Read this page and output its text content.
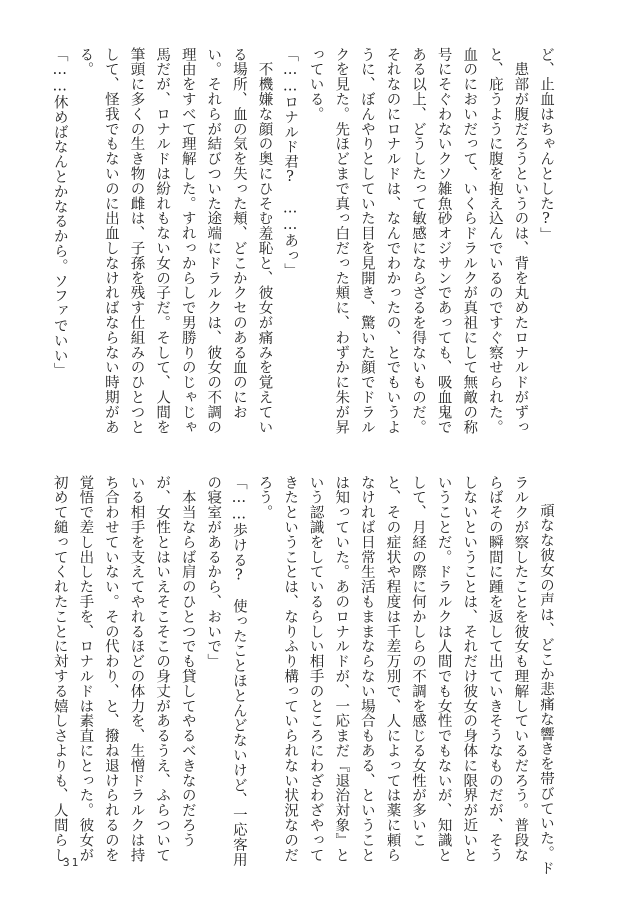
ど、止血はちゃんとした?」
　患部が腹だろうというのは、背を丸めたロナルドがずっ
と、庇うように腹を抱え込んでいるのですぐ察せられた。
血のにおいだって、いくらドラルクが真祖にして無敵の称
号にそぐわないクソ雑魚砂オジサンであっても、吸血鬼で
ある以上、どうしたって敏感にならざるを得ないものだ。
それなのにロナルドは、なんでわかったの、とでもいうよ
うに、ぼんやりとしていた目を見開き、驚いた顔でドラル
クを見た。先ほどまで真っ白だった頬に、わずかに朱が昇
っている。
「……ロナルド君?　……あっ」
　不機嫌な顔の奥にひそむ羞恥と、彼女が痛みを覚えてい
る場所、血の気を失った頬、どこかクセのある血のにお
い。それらが結びついた途端にドラルクは、彼女の不調の
理由をすべて理解した。すれっからしで男勝りのじゃじゃ
馬だが、ロナルドは紛れもない女の子だ。そして、人間を
筆頭に多くの生き物の雌は、子孫を残す仕組みのひとつと
して、怪我でもないのに出血しなければならない時期があ
る。
「……休めばなんとかなるから。ソファでいい」
頑なな彼女の声は、どこか悲痛な響きを帯びていた。ド
ラルクが察したことを彼女も理解しているだろう。普段な
らばその瞬間に踵を返して出ていきそうなものだが、そう
しないということは、それだけ彼女の身体に限界が近いと
いうことだ。ドラルクは人間でも女性でもないが、知識と
して、月経の際に何かしらの不調を感じる女性が多いこ
と、その症状や程度は千差万別で、人によっては薬に頼ら
なければ日常生活もままならない場合もある、ということ
は知っていた。あのロナルドが、一応まだ『退治対象』と
いう認識をしているらしい相手のところにわざわざやって
きたということは、なりふり構っていられない状況なのだ
ろう。
「……歩ける?　使ったことほとんどないけど、一応客用
の寝室があるから、おいで」
　本当ならば肩のひとつでも貸してやるべきなのだろう
が、女性とはいえそこそこの身丈があるうえ、ふらついて
いる相手を支えてやれるほどの体力を、生憎ドラルクは持
ち合わせていない。その代わり、と、撥ね退けられるのを
覚悟で差し出した手を、ロナルドは素直にとった。彼女が
初めて縋ってくれたことに対する嬉しさよりも、人間らし
31
